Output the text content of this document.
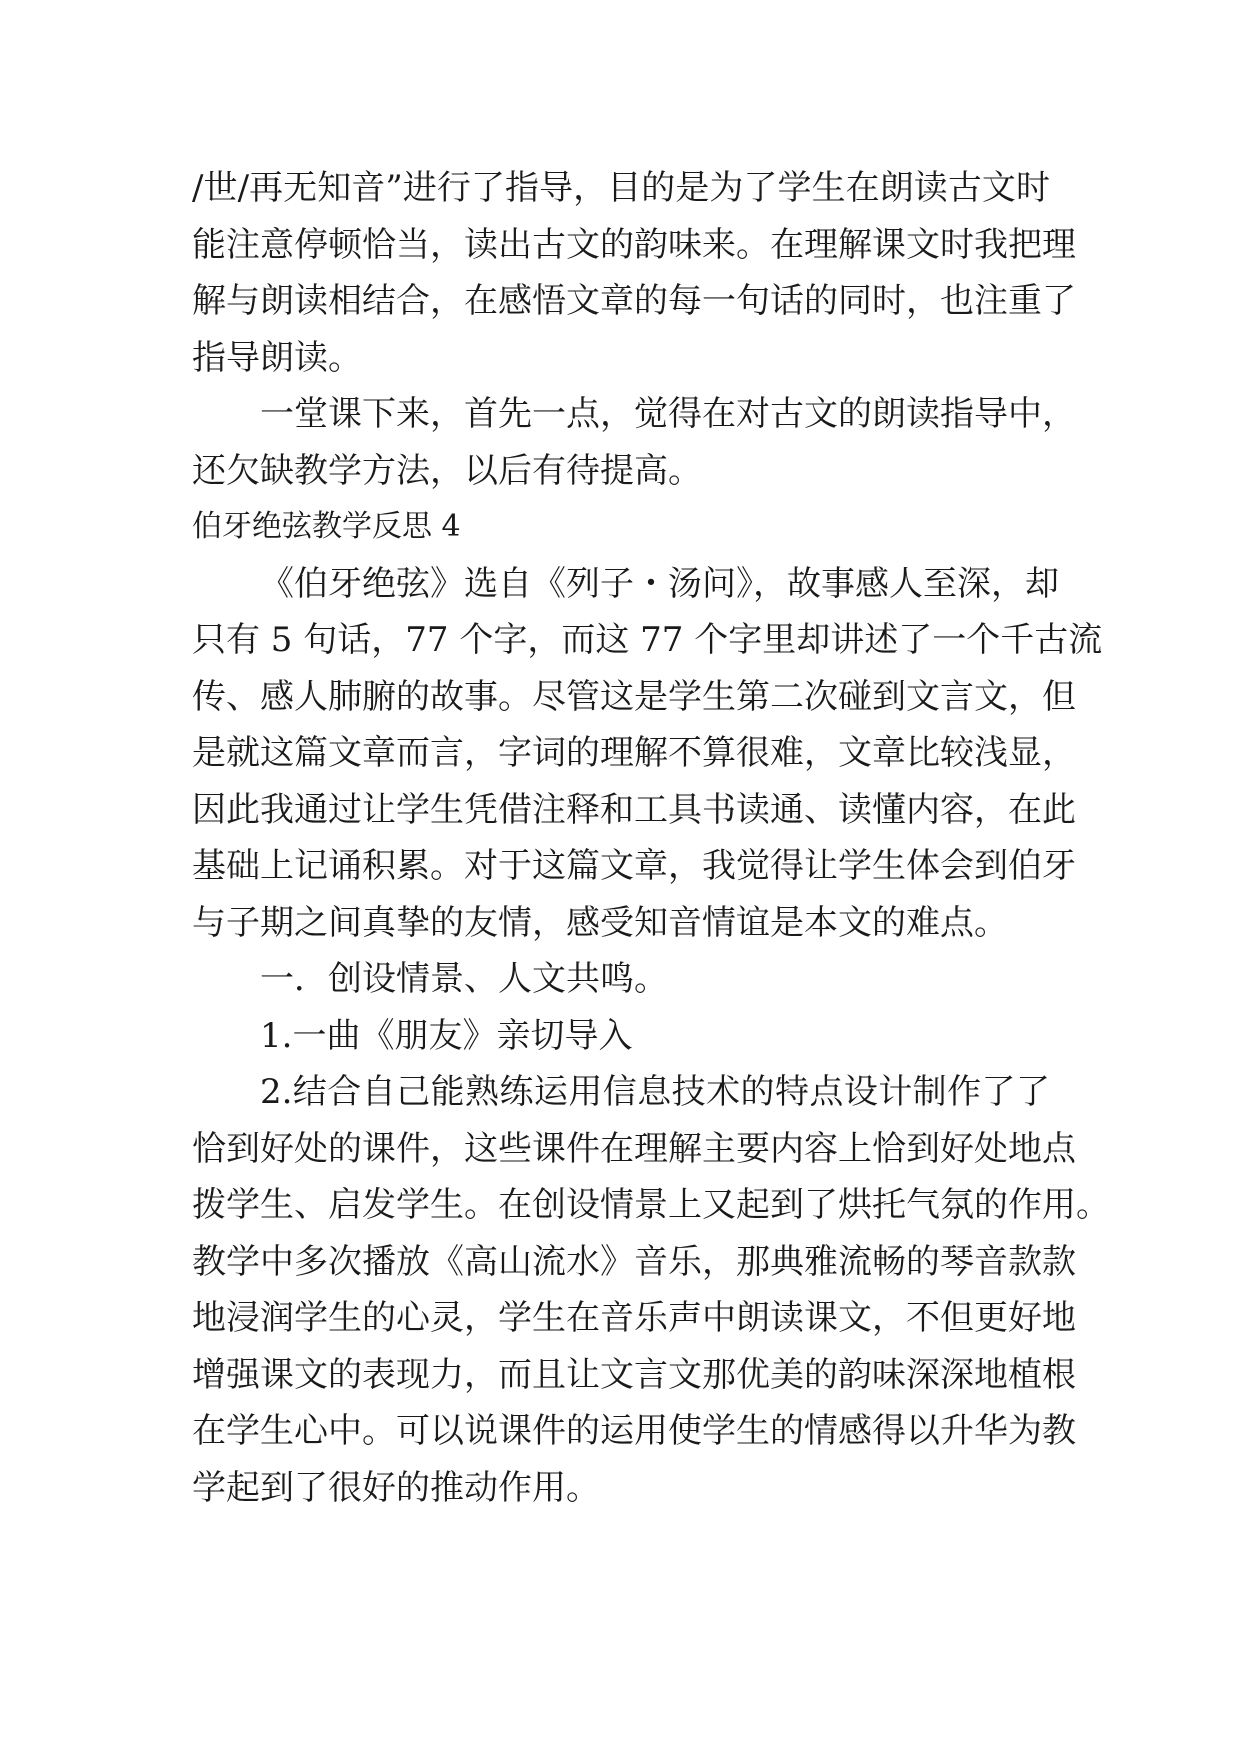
/世/再无知音”进行了指导，目的是为了学生在朗读古文时
能注意停顿恰当，读出古文的韵味来。在理解课文时我把理
解与朗读相结合，在感悟文章的每一句话的同时，也注重了
指导朗读。
一堂课下来，首先一点，觉得在对古文的朗读指导中，
还欠缺教学方法，以后有待提高。
伯牙绝弦教学反思 4
《伯牙绝弦》选自《列子・汤问》，故事感人至深，却
只有 5 句话，77 个字，而这 77 个字里却讲述了一个千古流
传、感人肺腑的故事。尽管这是学生第二次碰到文言文，但
是就这篇文章而言，字词的理解不算很难，文章比较浅显，
因此我通过让学生凭借注释和工具书读通、读懂内容，在此
基础上记诵积累。对于这篇文章，我觉得让学生体会到伯牙
与子期之间真挚的友情，感受知音情谊是本文的难点。
一．创设情景、人文共鸣。
1.一曲《朋友》亲切导入
2.结合自己能熟练运用信息技术的特点设计制作了了
恰到好处的课件，这些课件在理解主要内容上恰到好处地点
拨学生、启发学生。在创设情景上又起到了烘托气氛的作用。
教学中多次播放《高山流水》音乐，那典雅流畅的琴音款款
地浸润学生的心灵，学生在音乐声中朗读课文，不但更好地
增强课文的表现力，而且让文言文那优美的韵味深深地植根
在学生心中。可以说课件的运用使学生的情感得以升华为教
学起到了很好的推动作用。
